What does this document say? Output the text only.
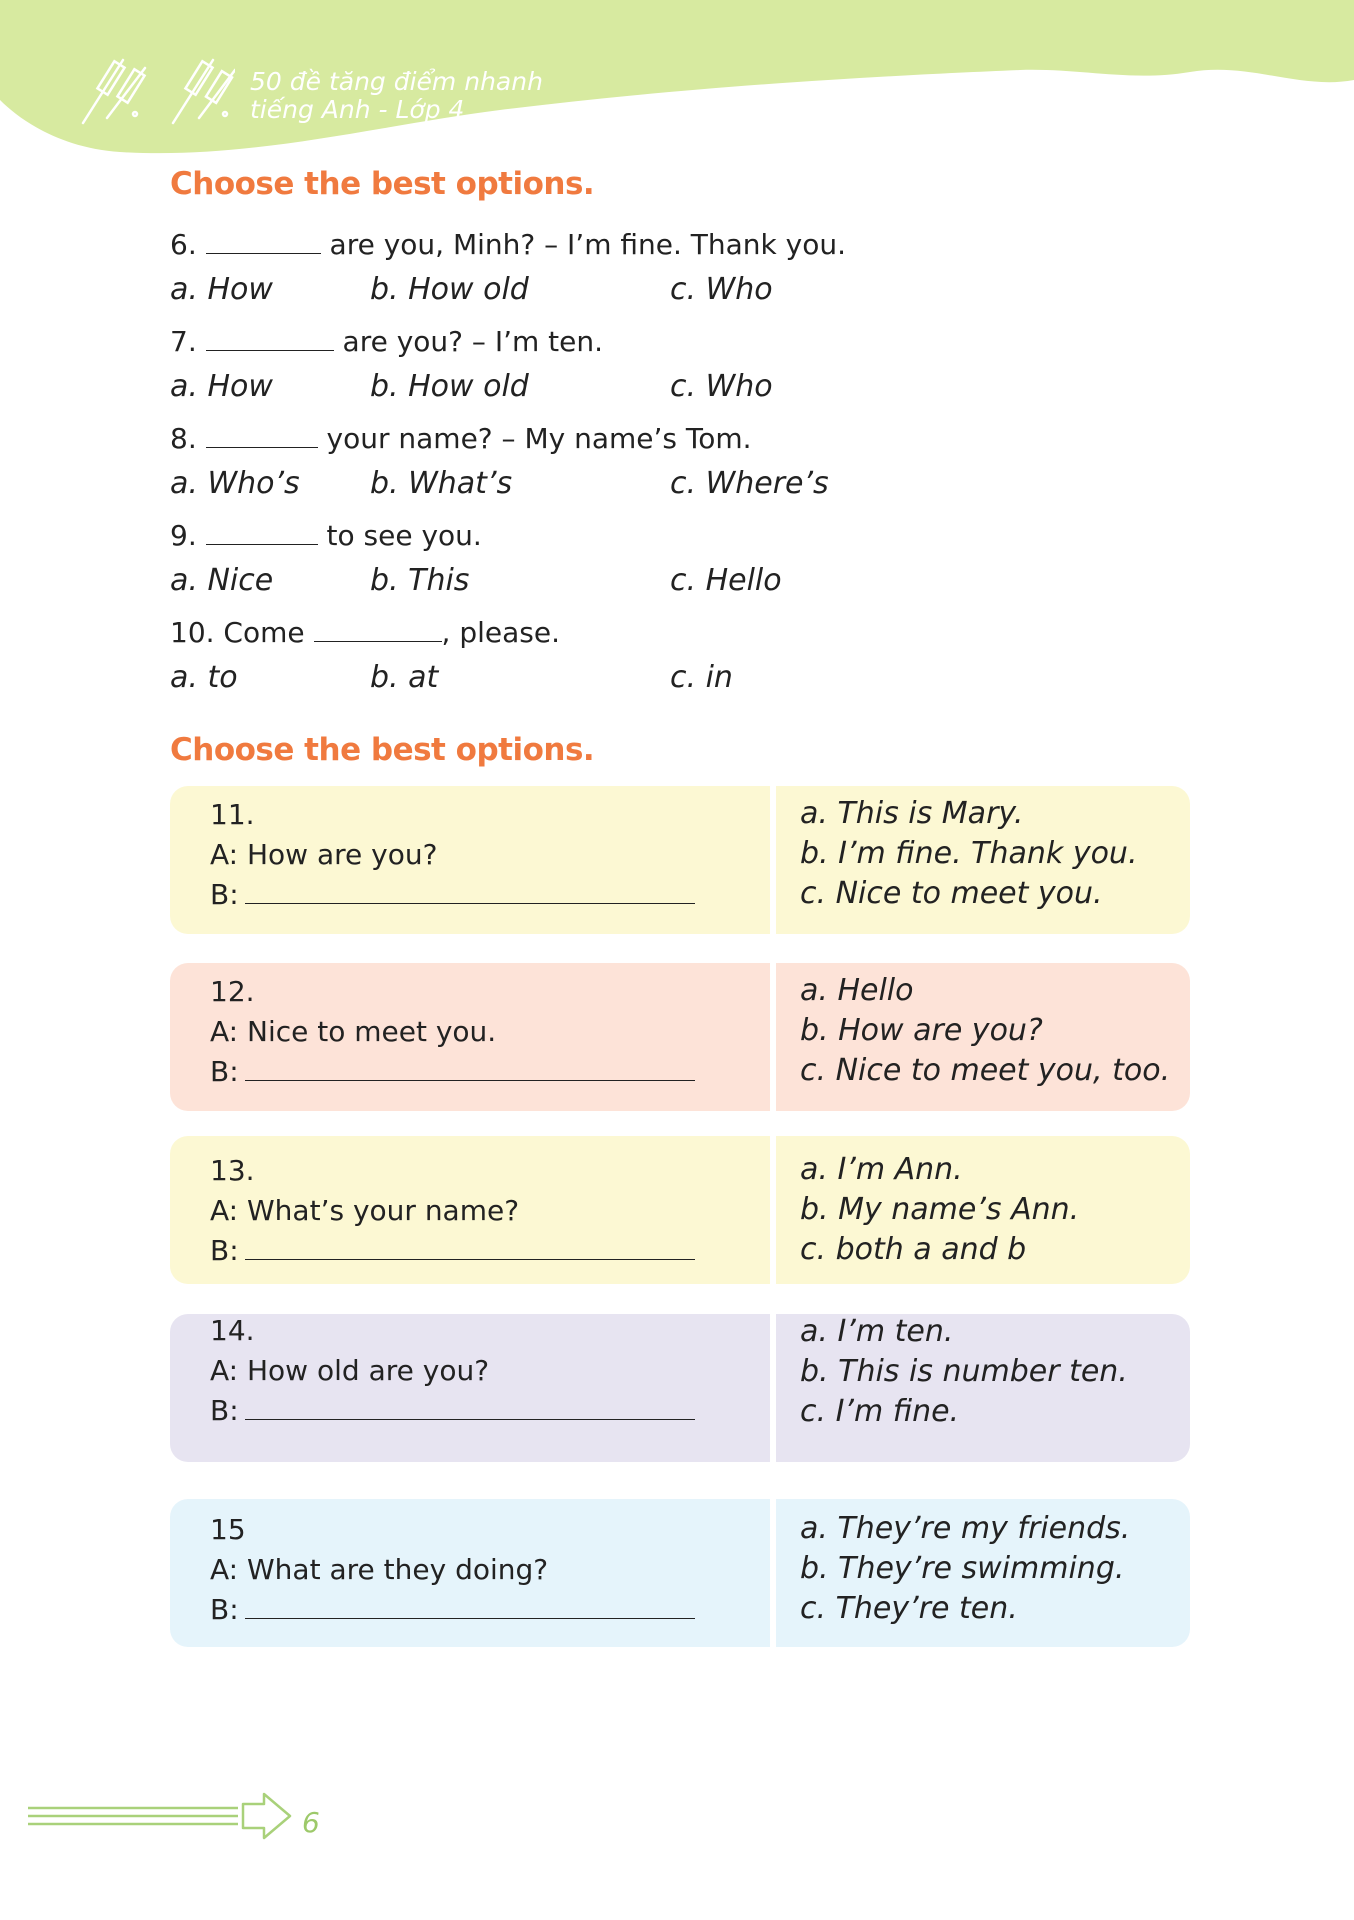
50 đề tăng điểm nhanh
tiếng Anh - Lớp 4
Choose the best options.
6.	are you, Minh? – I’m fine. Thank you.
a. How	b. How old	c. Who
7.	are you? – I’m ten.
a. How	b. How old	c. Who
8.	your name? – My name’s Tom.
a. Who’s b. What’s	c. Where’s
9.	to see you.
a. Nice	b. This	c. Hello
10. Come	, please.
a. to	b. at	c. in
Choose the best options.
11.
A: How are you?
B:
a. This is Mary.
b. I’m fine. Thank you.
c. Nice to meet you.
12.
A: Nice to meet you.
B:
a. Hello
b. How are you?
c. Nice to meet you, too.
13.
A: What’s your name?
B:
a. I’m Ann.
b. My name’s Ann.
c. both a and b
14.
A: How old are you?
B:
a. I’m ten.
b. This is number ten.
c. I’m fine.
15
A: What are they doing?
B:
a. They’re my friends.
b. They’re swimming.
c. They’re ten.
6
